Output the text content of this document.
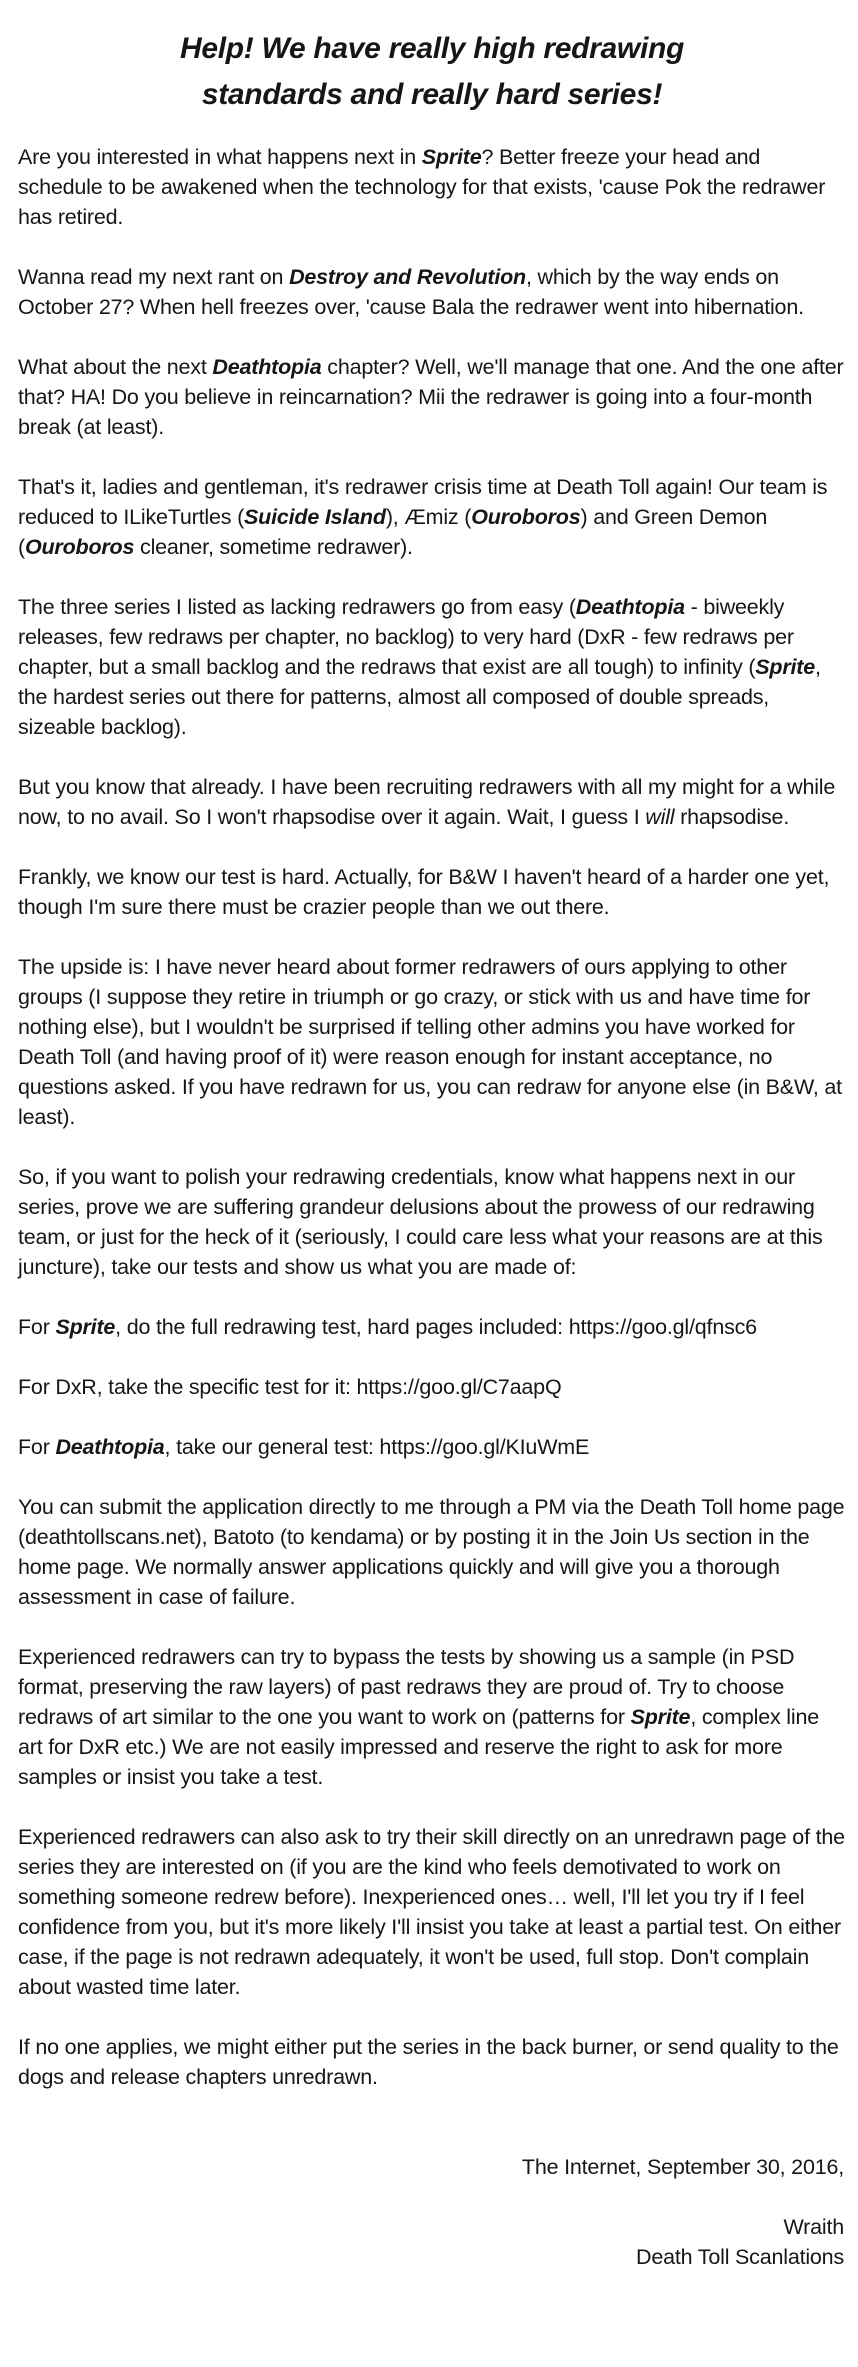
Help! We have really high redrawing
standards and really hard series!

Are you interested in what happens next in Sprite? Better freeze your head and schedule to be awakened when the technology for that exists, 'cause Pok the redrawer has retired.

Wanna read my next rant on Destroy and Revolution, which by the way ends on October 27? When hell freezes over, 'cause Bala the redrawer went into hibernation.

What about the next Deathtopia chapter? Well, we'll manage that one. And the one after that? HA! Do you believe in reincarnation? Mii the redrawer is going into a four-month break (at least).

That's it, ladies and gentleman, it's redrawer crisis time at Death Toll again! Our team is reduced to ILikeTurtles (Suicide Island), Æmiz (Ouroboros) and Green Demon (Ouroboros cleaner, sometime redrawer).

The three series I listed as lacking redrawers go from easy (Deathtopia - biweekly releases, few redraws per chapter, no backlog) to very hard (DxR - few redraws per chapter, but a small backlog and the redraws that exist are all tough) to infinity (Sprite, the hardest series out there for patterns, almost all composed of double spreads, sizeable backlog).

But you know that already. I have been recruiting redrawers with all my might for a while now, to no avail. So I won't rhapsodise over it again. Wait, I guess I will rhapsodise.

Frankly, we know our test is hard. Actually, for B&W I haven't heard of a harder one yet, though I'm sure there must be crazier people than we out there.

The upside is: I have never heard about former redrawers of ours applying to other groups (I suppose they retire in triumph or go crazy, or stick with us and have time for nothing else), but I wouldn't be surprised if telling other admins you have worked for Death Toll (and having proof of it) were reason enough for instant acceptance, no questions asked. If you have redrawn for us, you can redraw for anyone else (in B&W, at least).

So, if you want to polish your redrawing credentials, know what happens next in our series, prove we are suffering grandeur delusions about the prowess of our redrawing team, or just for the heck of it (seriously, I could care less what your reasons are at this juncture), take our tests and show us what you are made of:

For Sprite, do the full redrawing test, hard pages included: https://goo.gl/qfnsc6

For DxR, take the specific test for it: https://goo.gl/C7aapQ

For Deathtopia, take our general test: https://goo.gl/KIuWmE

You can submit the application directly to me through a PM via the Death Toll home page (deathtollscans.net), Batoto (to kendama) or by posting it in the Join Us section in the home page. We normally answer applications quickly and will give you a thorough assessment in case of failure.

Experienced redrawers can try to bypass the tests by showing us a sample (in PSD format, preserving the raw layers) of past redraws they are proud of. Try to choose redraws of art similar to the one you want to work on (patterns for Sprite, complex line art for DxR etc.) We are not easily impressed and reserve the right to ask for more samples or insist you take a test.

Experienced redrawers can also ask to try their skill directly on an unredrawn page of the series they are interested on (if you are the kind who feels demotivated to work on something someone redrew before). Inexperienced ones… well, I'll let you try if I feel confidence from you, but it's more likely I'll insist you take at least a partial test. On either case, if the page is not redrawn adequately, it won't be used, full stop. Don't complain about wasted time later.

If no one applies, we might either put the series in the back burner, or send quality to the dogs and release chapters unredrawn.

The Internet, September 30, 2016,

Wraith

Death Toll Scanlations
